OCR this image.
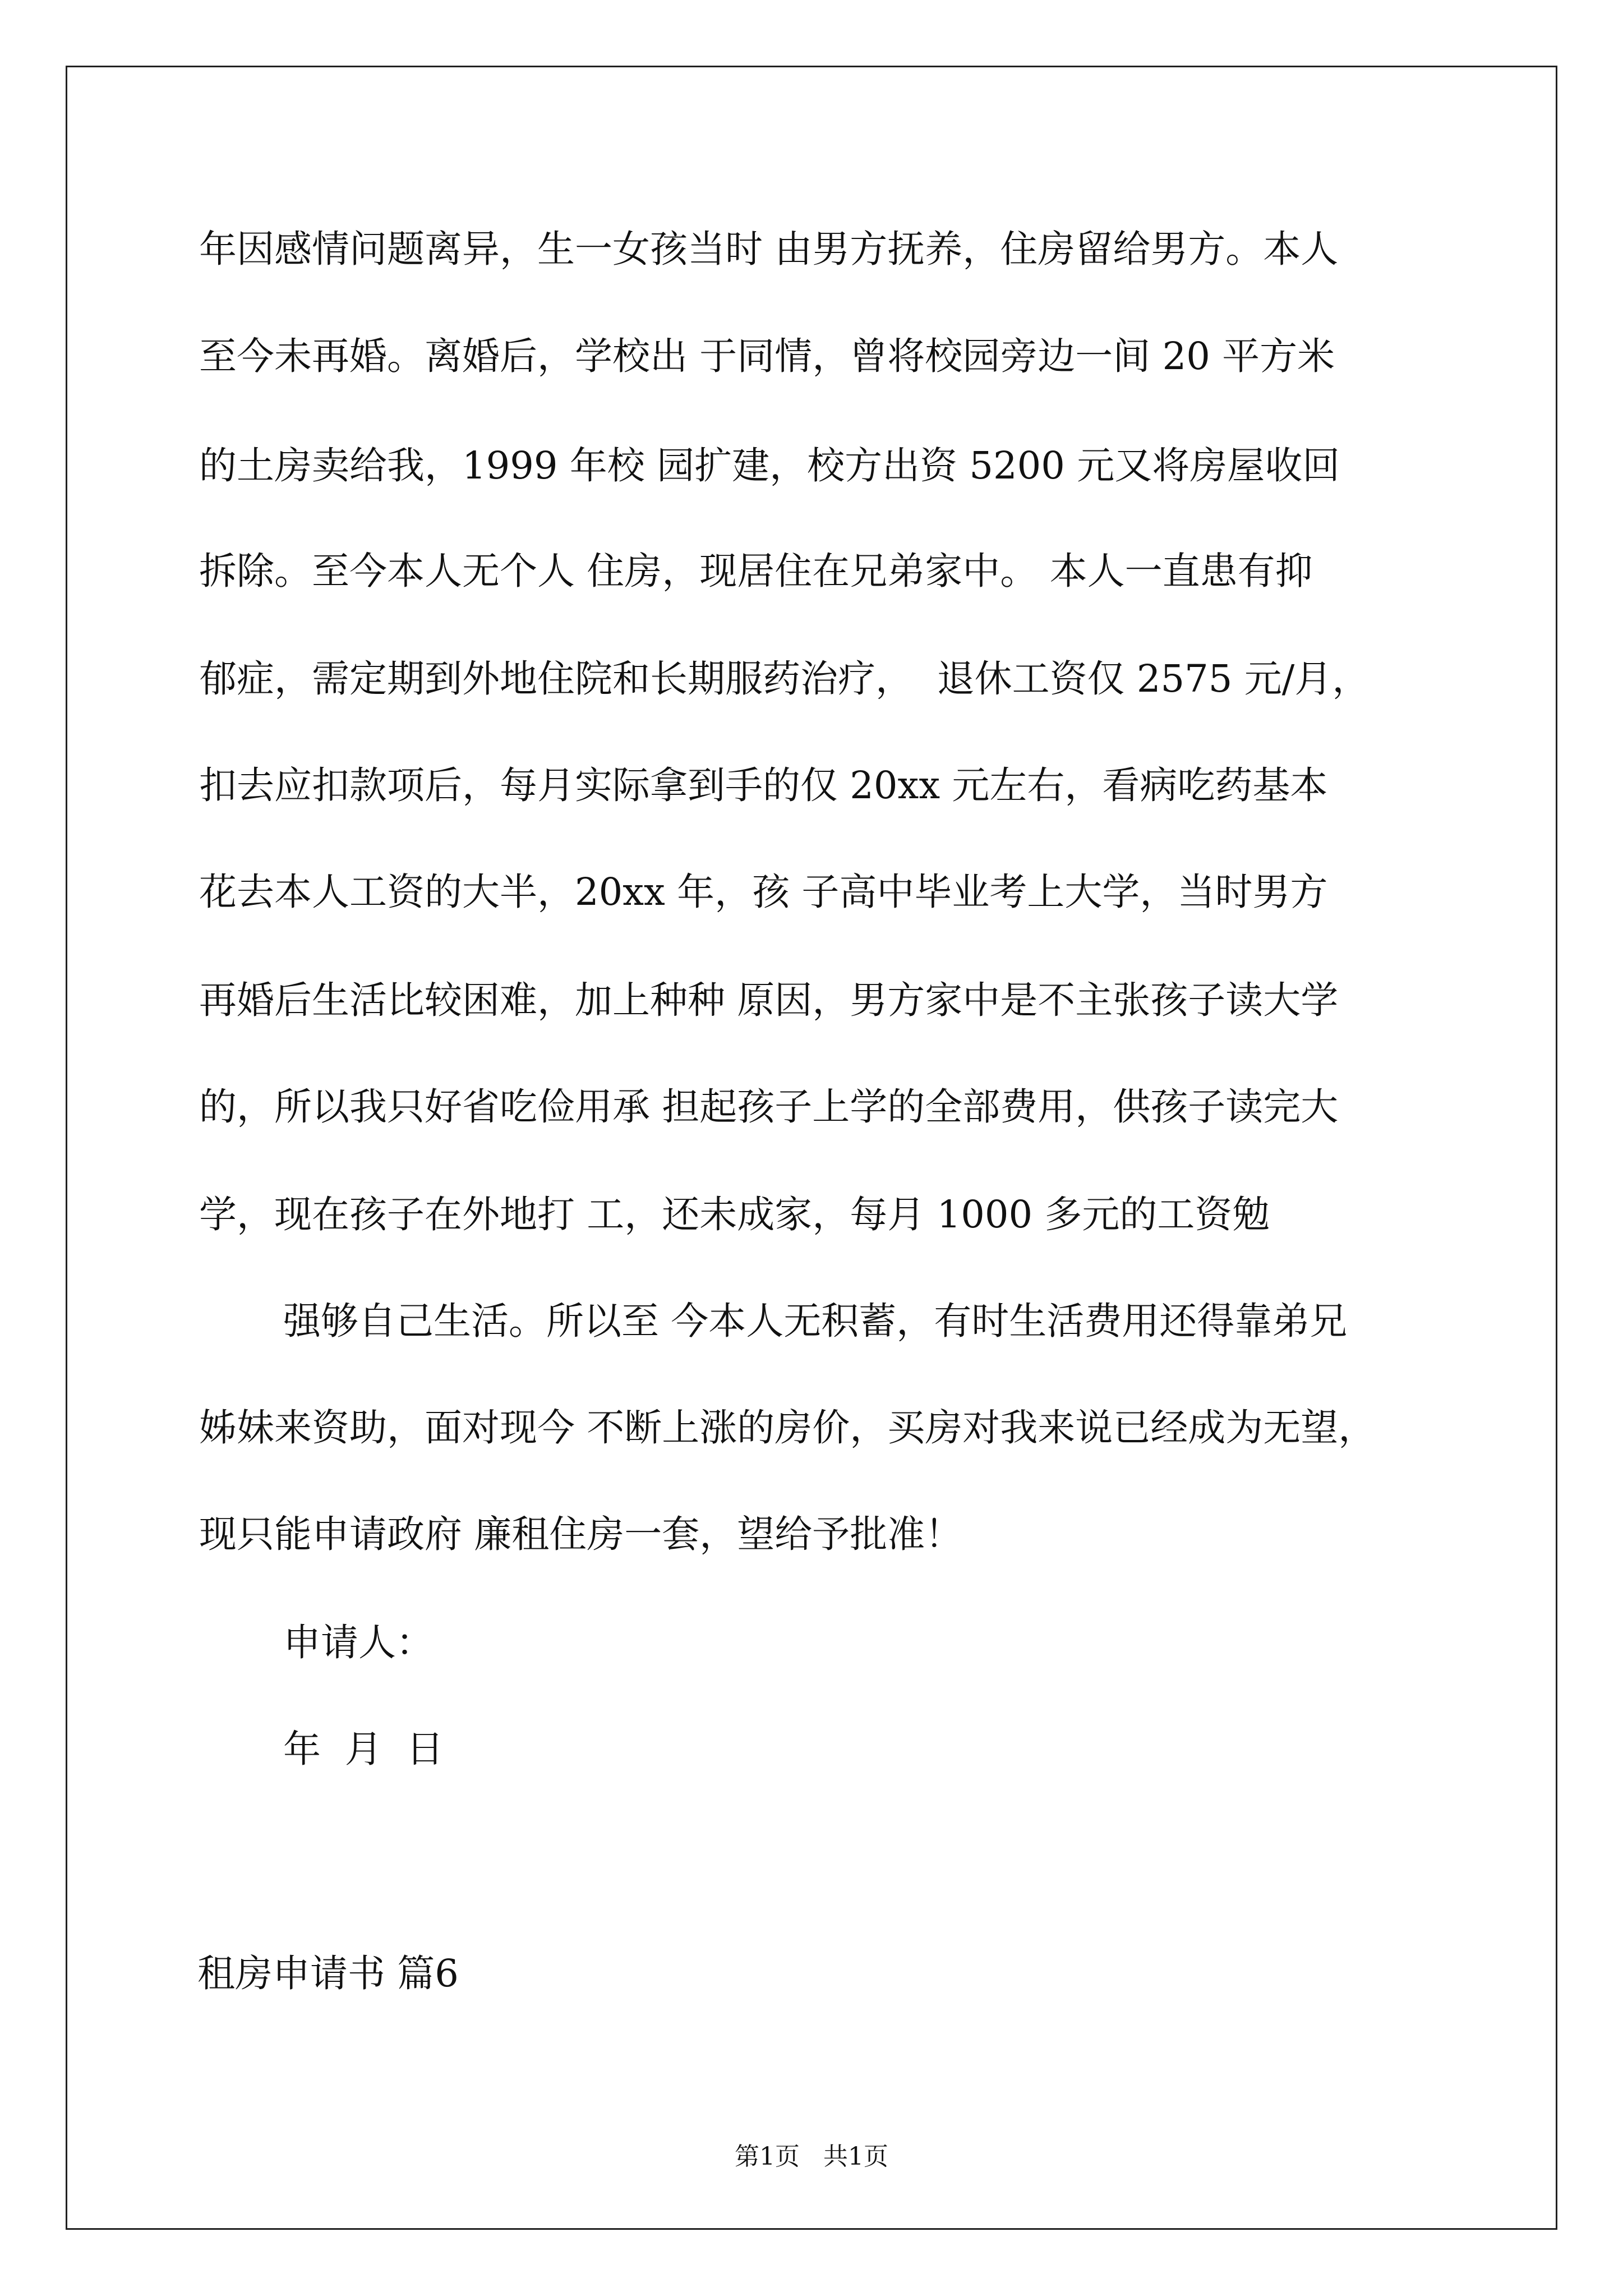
年因感情问题离异，生一女孩当时 由男方抚养，住房留给男方。本人
至今未再婚。离婚后，学校出 于同情，曾将校园旁边一间 20 平方米
的土房卖给我，1999 年校 园扩建，校方出资 5200 元又将房屋收回
拆除。至今本人无个人 住房，现居住在兄弟家中。 本人一直患有抑
郁症，需定期到外地住院和长期服药治疗，  退休工资仅 2575 元/月，
扣去应扣款项后，每月实际拿到手的仅 20xx 元左右，看病吃药基本
花去本人工资的大半，20xx 年，孩 子高中毕业考上大学，当时男方
再婚后生活比较困难，加上种种 原因，男方家中是不主张孩子读大学
的，所以我只好省吃俭用承 担起孩子上学的全部费用，供孩子读完大
学，现在孩子在外地打 工，还未成家，每月 1000 多元的工资勉
强够自己生活。所以至 今本人无积蓄，有时生活费用还得靠弟兄
姊妹来资助，面对现今 不断上涨的房价，买房对我来说已经成为无望，
现只能申请政府 廉租住房一套，望给予批准！
申请人：
年  月  日
租房申请书 篇6
第1页   共1页
